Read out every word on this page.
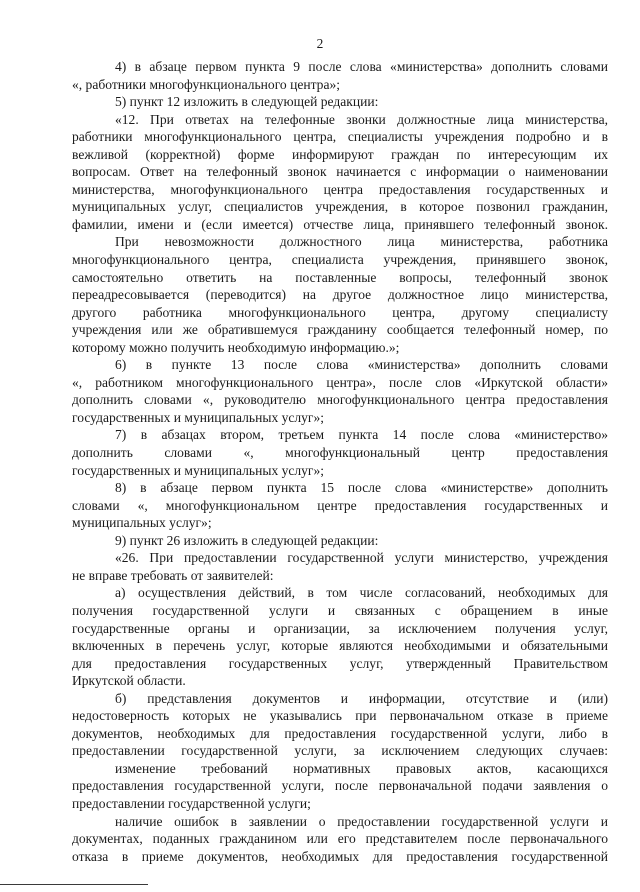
2
4) в абзаце первом пункта 9 после слова «министерства» дополнить словами
«, работники многофункционального центра»;
5) пункт 12 изложить в следующей редакции:
«12. При ответах на телефонные звонки должностные лица министерства,
работники многофункционального центра, специалисты учреждения подробно и в
вежливой (корректной) форме информируют граждан по интересующим их
вопросам. Ответ на телефонный звонок начинается с информации о наименовании
министерства, многофункционального центра предоставления государственных и
муниципальных услуг, специалистов учреждения, в которое позвонил гражданин,
фамилии, имени и (если имеется) отчестве лица, принявшего телефонный звонок.
При невозможности должностного лица министерства, работника
многофункционального центра, специалиста учреждения, принявшего звонок,
самостоятельно ответить на поставленные вопросы, телефонный звонок
переадресовывается (переводится) на другое должностное лицо министерства,
другого работника многофункционального центра, другому специалисту
учреждения или же обратившемуся гражданину сообщается телефонный номер, по
которому можно получить необходимую информацию.»;
6) в пункте 13 после слова «министерства» дополнить словами
«, работником многофункционального центра», после слов «Иркутской области»
дополнить словами «, руководителю многофункционального центра предоставления
государственных и муниципальных услуг»;
7) в абзацах втором, третьем пункта 14 после слова «министерство»
дополнить словами «, многофункциональный центр предоставления
государственных и муниципальных услуг»;
8) в абзаце первом пункта 15 после слова «министерстве» дополнить
словами «, многофункциональном центре предоставления государственных и
муниципальных услуг»;
9) пункт 26 изложить в следующей редакции:
«26. При предоставлении государственной услуги министерство, учреждения
не вправе требовать от заявителей:
а) осуществления действий, в том числе согласований, необходимых для
получения государственной услуги и связанных с обращением в иные
государственные органы и организации, за исключением получения услуг,
включенных в перечень услуг, которые являются необходимыми и обязательными
для предоставления государственных услуг, утвержденный Правительством
Иркутской области.
б) представления документов и информации, отсутствие и (или)
недостоверность которых не указывались при первоначальном отказе в приеме
документов, необходимых для предоставления государственной услуги, либо в
предоставлении государственной услуги, за исключением следующих случаев:
изменение требований нормативных правовых актов, касающихся
предоставления государственной услуги, после первоначальной подачи заявления о
предоставлении государственной услуги;
наличие ошибок в заявлении о предоставлении государственной услуги и
документах, поданных гражданином или его представителем после первоначального
отказа в приеме документов, необходимых для предоставления государственной
